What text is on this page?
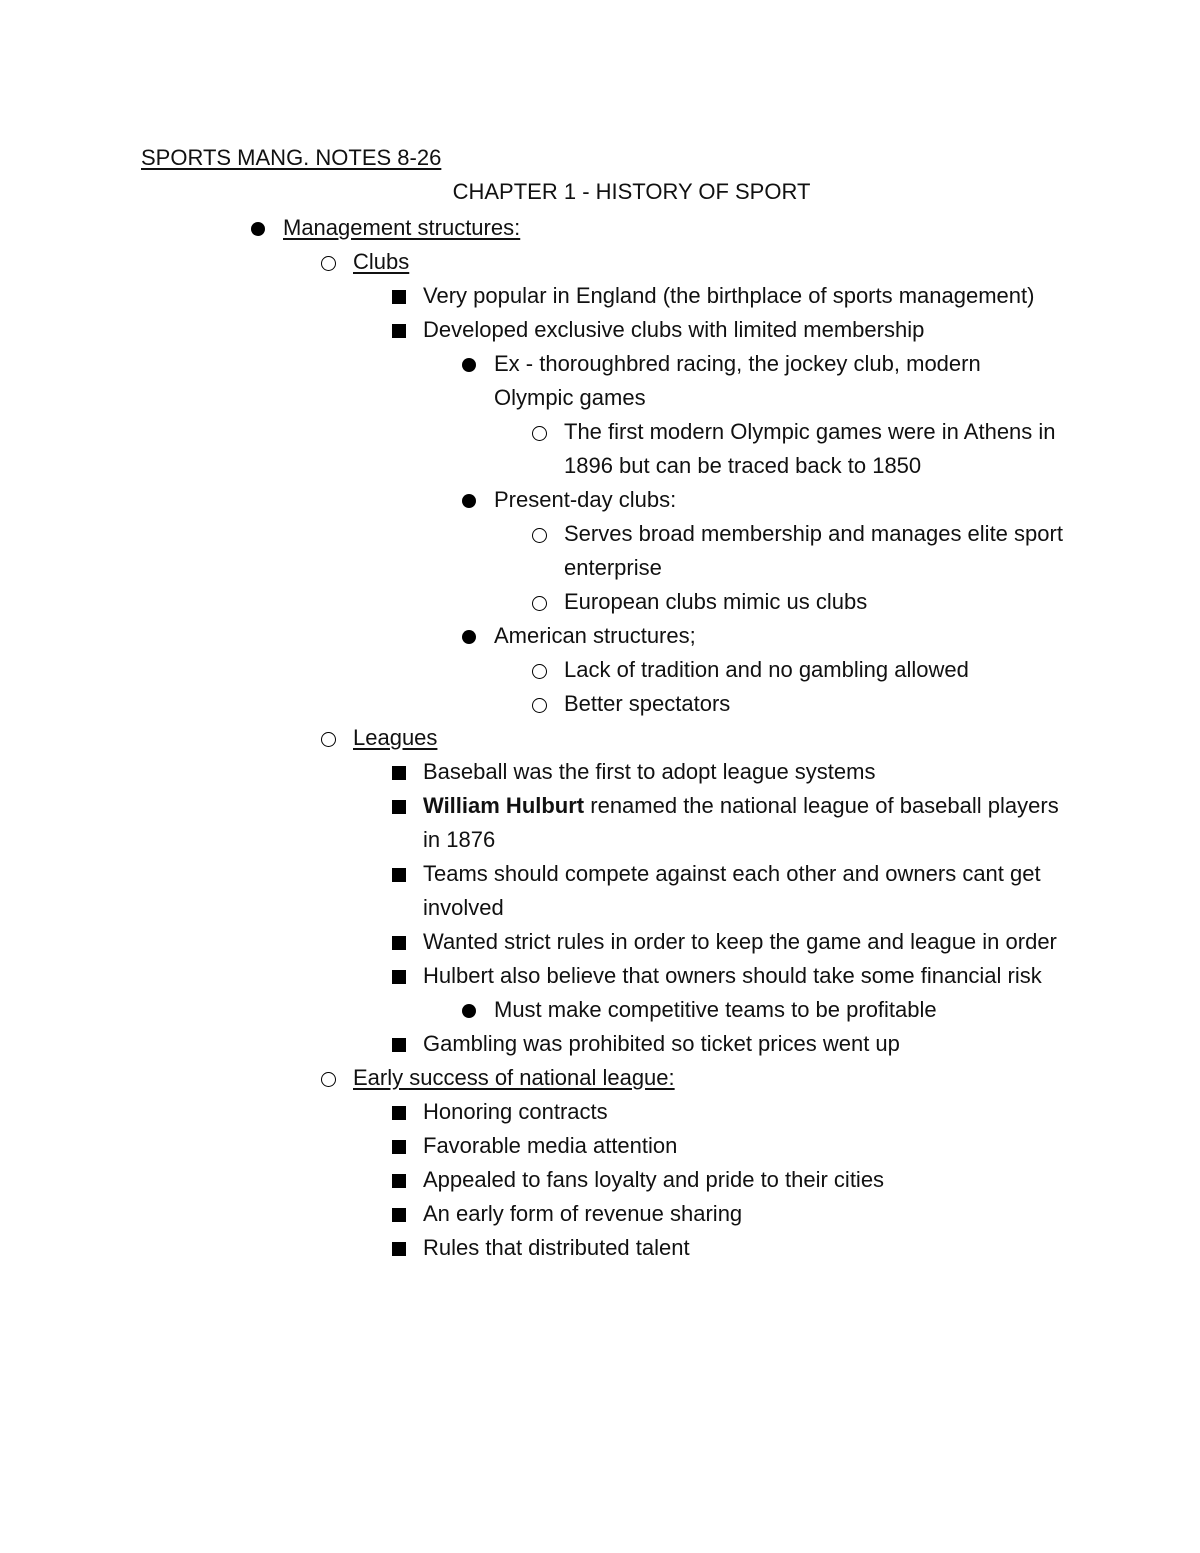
SPORTS MANG. NOTES 8-26
CHAPTER 1 - HISTORY OF SPORT
Management structures:
Clubs
Very popular in England (the birthplace of sports management)
Developed exclusive clubs with limited membership
Ex - thoroughbred racing, the jockey club, modern Olympic games
The first modern Olympic games were in Athens in 1896 but can be traced back to 1850
Present-day clubs:
Serves broad membership and manages elite sport enterprise
European clubs mimic us clubs
American structures;
Lack of tradition and no gambling allowed
Better spectators
Leagues
Baseball was the first to adopt league systems
William Hulburt renamed the national league of baseball players in 1876
Teams should compete against each other and owners cant get involved
Wanted strict rules in order to keep the game and league in order
Hulbert also believe that owners should take some financial risk
Must make competitive teams to be profitable
Gambling was prohibited so ticket prices went up
Early success of national league:
Honoring contracts
Favorable media attention
Appealed to fans loyalty and pride to their cities
An early form of revenue sharing
Rules that distributed talent
